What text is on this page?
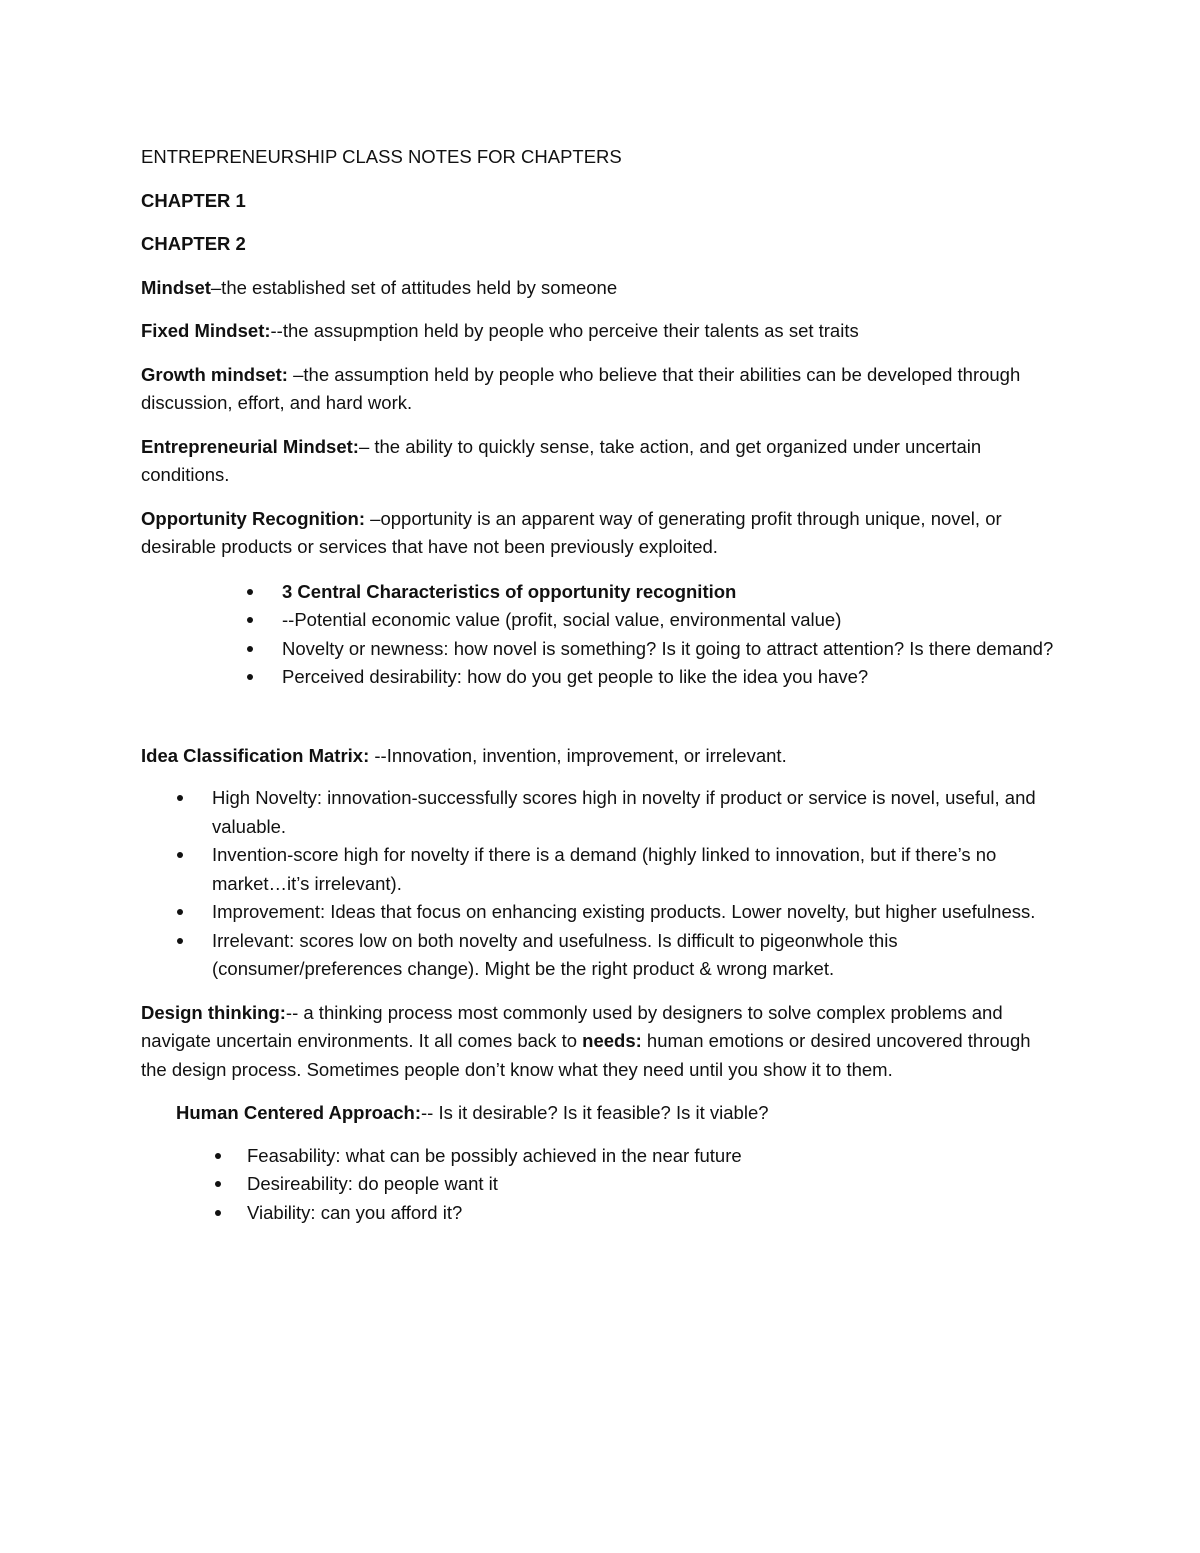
ENTREPRENEURSHIP CLASS NOTES FOR CHAPTERS

CHAPTER 1

CHAPTER 2

Mindset–the established set of attitudes held by someone

Fixed Mindset:--the assupmption held by people who perceive their talents as set traits

Growth mindset: –the assumption held by people who believe that their abilities can be developed through discussion, effort, and hard work.

Entrepreneurial Mindset:– the ability to quickly sense, take action, and get organized under uncertain conditions.

Opportunity Recognition: –opportunity is an apparent way of generating profit through unique, novel, or desirable products or services that have not been previously exploited.

3 Central Characteristics of opportunity recognition
--Potential economic value (profit, social value, environmental value)
Novelty or newness: how novel is something? Is it going to attract attention? Is there demand?
Perceived desirability: how do you get people to like the idea you have?

Idea Classification Matrix: --Innovation, invention, improvement, or irrelevant.

High Novelty: innovation-successfully scores high in novelty if product or service is novel, useful, and valuable.
Invention-score high for novelty if there is a demand (highly linked to innovation, but if there’s no market…it’s irrelevant).
Improvement: Ideas that focus on enhancing existing products. Lower novelty, but higher usefulness.
Irrelevant: scores low on both novelty and usefulness. Is difficult to pigeonwhole this (consumer/preferences change). Might be the right product & wrong market.

Design thinking:-- a thinking process most commonly used by designers to solve complex problems and navigate uncertain environments. It all comes back to needs: human emotions or desired uncovered through the design process. Sometimes people don’t know what they need until you show it to them.

Human Centered Approach:-- Is it desirable? Is it feasible? Is it viable?

Feasability: what can be possibly achieved in the near future
Desireability: do people want it
Viability: can you afford it?
